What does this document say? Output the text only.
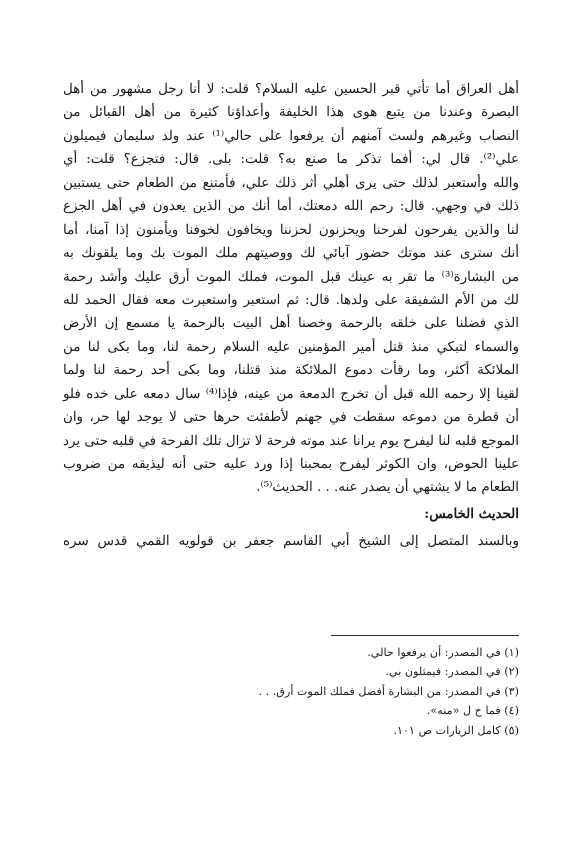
أهل العراق أما تأتي قبر الحسين عليه السلام؟ قلت: لا أنا رجل مشهور من أهل
البصرة وعندنا من يتبع هوى هذا الخليفة وأعداؤنا كثيرة من أهل القبائل من
النصاب وغيرهم ولست آمنهم أن يرفعوا على حالي⁽¹⁾ عند ولد سليمان فيميلون
علي⁽²⁾. قال لي: أفما تذكر ما صنع به؟ قلت: بلى. قال: فتجزع؟ قلت: أي
والله وأستعبر لذلك حتى يرى أهلي أثر ذلك علي، فأمتنع من الطعام حتى يستبين
ذلك في وجهي. قال: رحم الله دمعتك، أما أنك من الذين يعدون في أهل الجزع
لنا والذين يفرحون لفرحنا ويحزنون لحزننا ويخافون لخوفنا ويأمنون إذا آمنا، أما
أنك سترى عند موتك حضور آبائي لك ووصيتهم ملك الموت بك وما يلقونك به
من البشارة⁽³⁾ ما تقر به عينك قبل الموت، فملك الموت أرق عليك وأشد رحمة
لك من الأم الشفيقة على ولدها. قال: ثم استعبر واستعبرت معه فقال الحمد لله
الذي فضلنا على خلقه بالرحمة وخصنا أهل البيت بالرحمة يا مسمع إن الأرض
والسماء لتبكي منذ قتل أمير المؤمنين عليه السلام رحمة لنا، وما بكى لنا من
الملائكة أكثر، وما رقأت دموع الملائكة منذ قتلنا، وما بكى أحد رحمة لنا ولما
لقينا إلا رحمه الله قبل أن تخرج الدمعة من عينه، فإذا⁽⁴⁾ سال دمعه على خده فلو
أن قطرة من دموعه سقطت في جهنم لأطفئت حرها حتى لا يوجد لها حر، وان
الموجع قلبه لنا ليفرح يوم يرانا عند موته فرحة لا تزال تلك الفرحة في قلبه حتى يرد
علينا الحوض، وان الكوثر ليفرح بمحبنا إذا ورد عليه حتى أنه ليذيقه من ضروب
الطعام ما لا يشتهي أن يصدر عنه. . . الحديث⁽⁵⁾.
الحديث الخامس:
وبالسند المتصل إلى الشيخ أبي القاسم جعفر بن قولويه القمي قدس سره
(١) في المصدر: أن يرفعوا حالي.
(٢) في المصدر: فيمثلون بي.
(٣) في المصدر: من البشارة أفضل فملك الموت أرق. . .
(٤) فما خ ل «منه».
(٥) كامل الزيارات ص ١٠١.
